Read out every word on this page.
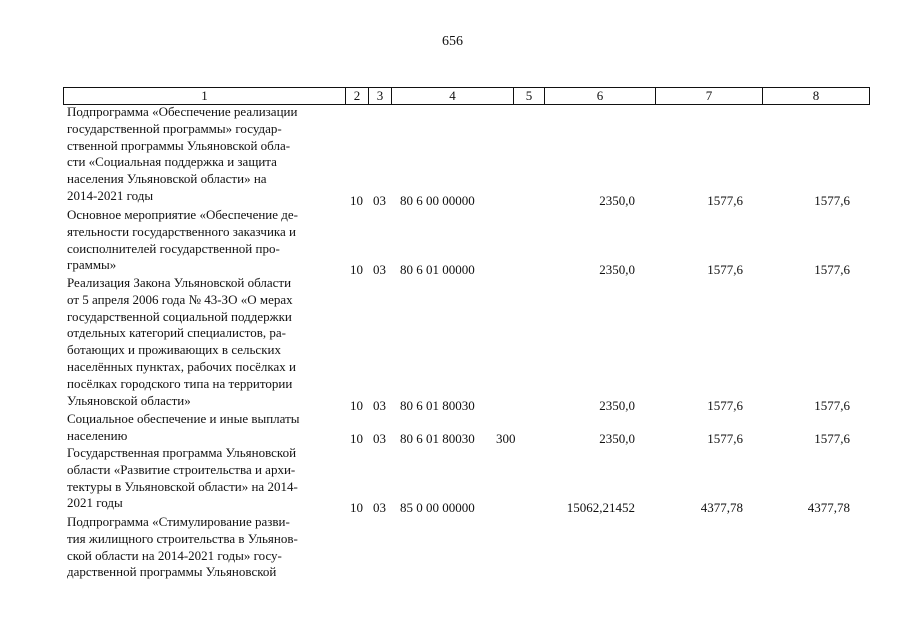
656
1	2	3	4	5	6	7	8
Подпрограмма «Обеспечение реализации
государственной программы» государ-
ственной программы Ульяновской обла-
сти «Социальная поддержка и защита
населения Ульяновской области» на
2014-2021 годы	10 03 80 6 00 00000	2350,0	1577,6	1577,6
Основное мероприятие «Обеспечение де-
ятельности государственного заказчика и
соисполнителей государственной про-
граммы»	10 03 80 6 01 00000	2350,0	1577,6	1577,6
Реализация Закона Ульяновской области
от 5 апреля 2006 года № 43-ЗО «О мерах
государственной социальной поддержки
отдельных категорий специалистов, ра-
ботающих и проживающих в сельских
населённых пунктах, рабочих посёлках и
посёлках городского типа на территории
Ульяновской области»	10 03 80 6 01 80030	2350,0	1577,6	1577,6
Социальное обеспечение и иные выплаты
населению	10 03 80 6 01 80030 300	2350,0	1577,6	1577,6
Государственная программа Ульяновской
области «Развитие строительства и архи-
тектуры в Ульяновской области» на 2014-
2021 годы	10 03 85 0 00 00000	15062,21452	4377,78	4377,78
Подпрограмма «Стимулирование разви-
тия жилищного строительства в Ульянов-
ской области на 2014-2021 годы» госу-
дарственной программы Ульяновской
